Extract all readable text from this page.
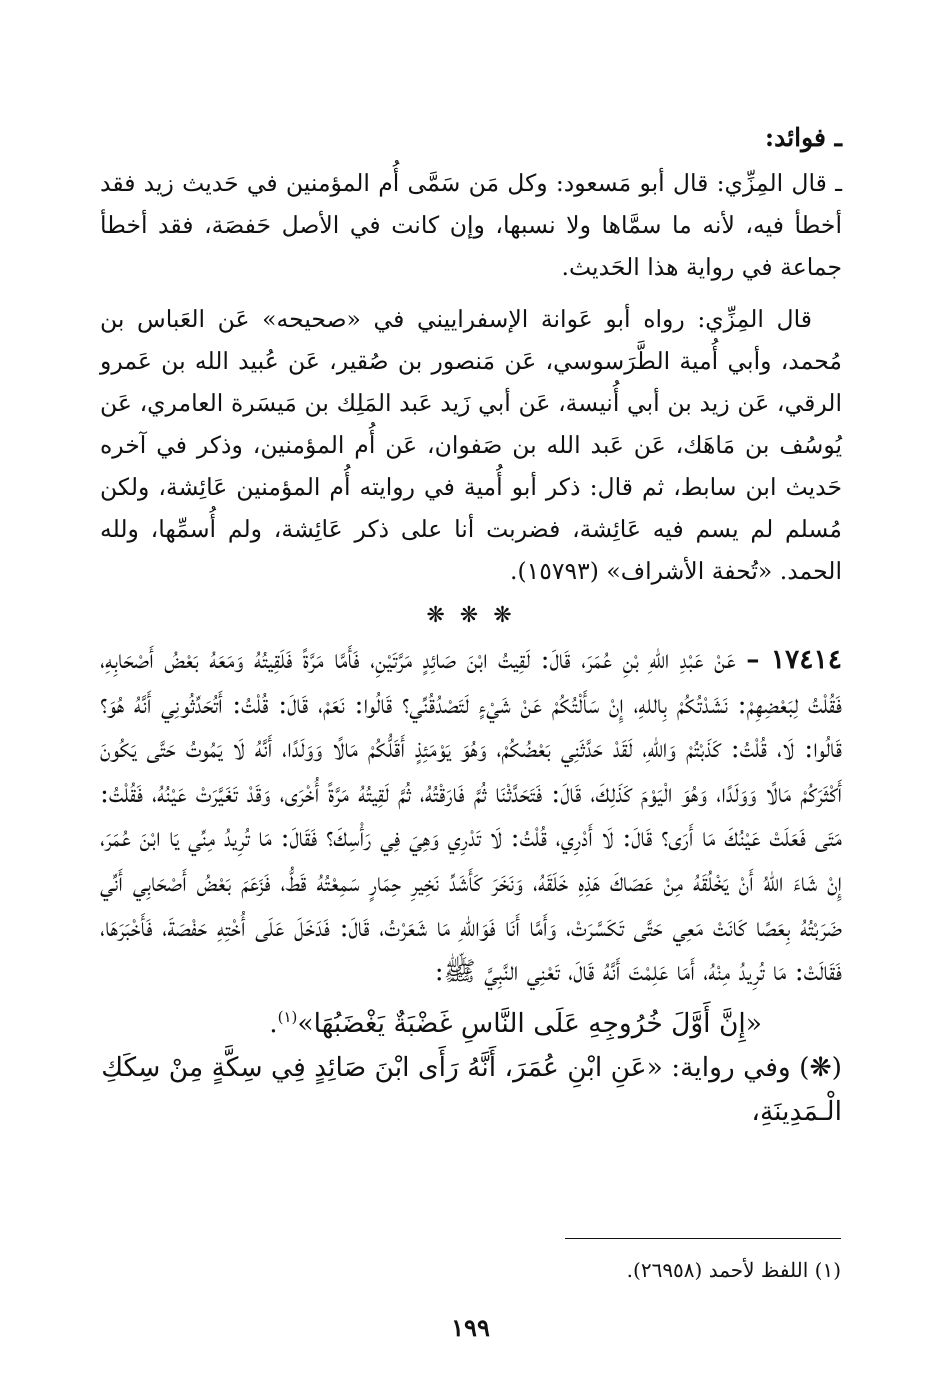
ـ فوائد:

ـ قال المِزِّي: قال أبو مَسعود: وكل مَن سَمَّى أُم المؤمنين في حَديث زيد فقد أخطأ فيه، لأنه ما سمَّاها ولا نسبها، وإن كانت في الأصل حَفصَة، فقد أخطأ جماعة في رواية هذا الحَديث.

قال المِزِّي: رواه أبو عَوانة الإسفراييني في «صحيحه» عَن العَباس بن مُحمد، وأبي أُمية الطَّرَسوسي، عَن مَنصور بن صُقير، عَن عُبيد الله بن عَمرو الرقي، عَن زيد بن أبي أُنيسة، عَن أبي زَيد عَبد المَلِك بن مَيسَرة العامري، عَن يُوسُف بن مَاهَك، عَن عَبد الله بن صَفوان، عَن أُم المؤمنين، وذكر في آخره حَديث ابن سابط، ثم قال: ذكر أبو أُمية في روايته أُم المؤمنين عَائِشة، ولكن مُسلم لم يسم فيه عَائِشة، فضربت أنا على ذكر عَائِشة، ولم أُسمِّها، ولله الحمد. «تُحفة الأشراف» (١٥٧٩٣).

❋ ❋ ❋

١٧٤١٤ – عَنْ عَبْدِ اللهِ بْنِ عُمَرَ، قَالَ: لَقِيتُ ابْنَ صَائِدٍ مَرَّتَيْنِ، فَأَمَّا مَرَّةً فَلَقِيتُهُ وَمَعَهُ بَعْضُ أَصْحَابِهِ، فَقُلْتُ لِبَعْضِهِمْ: نَشَدْتُكُمْ بِاللهِ، إِنْ سَأَلْتُكُمْ عَنْ شَيْءٍ لَتَصْدُقُنِّي؟ قَالُوا: نَعَمْ، قَالَ: قُلْتُ: أَتُحَدِّثُونِي أَنَّهُ هُوَ؟ قَالُوا: لَا، قُلْتُ: كَذَبْتُمْ وَاللهِ، لَقَدْ حَدَّثَنِي بَعْضُكُمْ، وَهُوَ يَوْمَئِذٍ أَقَلُّكُمْ مَالًا وَوَلَدًا، أَنَّهُ لَا يَمُوتُ حَتَّى يَكُونَ أَكْثَرَكُمْ مَالًا وَوَلَدًا، وَهُوَ الْيَوْمَ كَذَلِكَ، قَالَ: فَتَحَدَّثْنَا ثُمَّ فَارَقْتُهُ، ثُمَّ لَقِيتُهُ مَرَّةً أُخْرَى، وَقَدْ تَغَيَّرَتْ عَيْنُهُ، فَقُلْتُ: مَتَى فَعَلَتْ عَيْنُكَ مَا أَرَى؟ قَالَ: لَا أَدْرِي، قُلْتُ: لَا تَدْرِي وَهِيَ فِي رَأْسِكَ؟ فَقَالَ: مَا تُرِيدُ مِنِّي يَا ابْنَ عُمَرَ، إِنْ شَاءَ اللهُ أَنْ يَخْلُقَهُ مِنْ عَصَاكَ هَذِهِ خَلَقَهُ، وَنَخَرَ كَأَشَدِّ نَخِيرِ حِمَارٍ سَمِعْتُهُ قَطُّ، فَزَعَمَ بَعْضُ أَصْحَابِي أَنِّي ضَرَبْتُهُ بِعَصًا كَانَتْ مَعِي حَتَّى تَكَسَّرَتْ، وَأَمَّا أَنَا فَوَاللهِ مَا شَعَرْتُ، قَالَ: فَدَخَلَ عَلَى أُخْتِهِ حَفْصَةَ، فَأَخْبَرَهَا، فَقَالَتْ: مَا تُرِيدُ مِنْهُ، أَمَا عَلِمْتَ أَنَّهُ قَالَ، تَعْنِي النَّبِيَّ ﷺ:

«إِنَّ أَوَّلَ خُرُوجِهِ عَلَى النَّاسِ غَضْبَةٌ يَغْضَبُهَا»$^{(١)}$.

(❋) وفي رواية: «عَنِ ابْنِ عُمَرَ، أَنَّهُ رَأَى ابْنَ صَائِدٍ فِي سِكَّةٍ مِنْ سِكَكِ الْـمَدِينَةِ،

(١) اللفظ لأحمد (٢٦٩٥٨).
١٩٩
